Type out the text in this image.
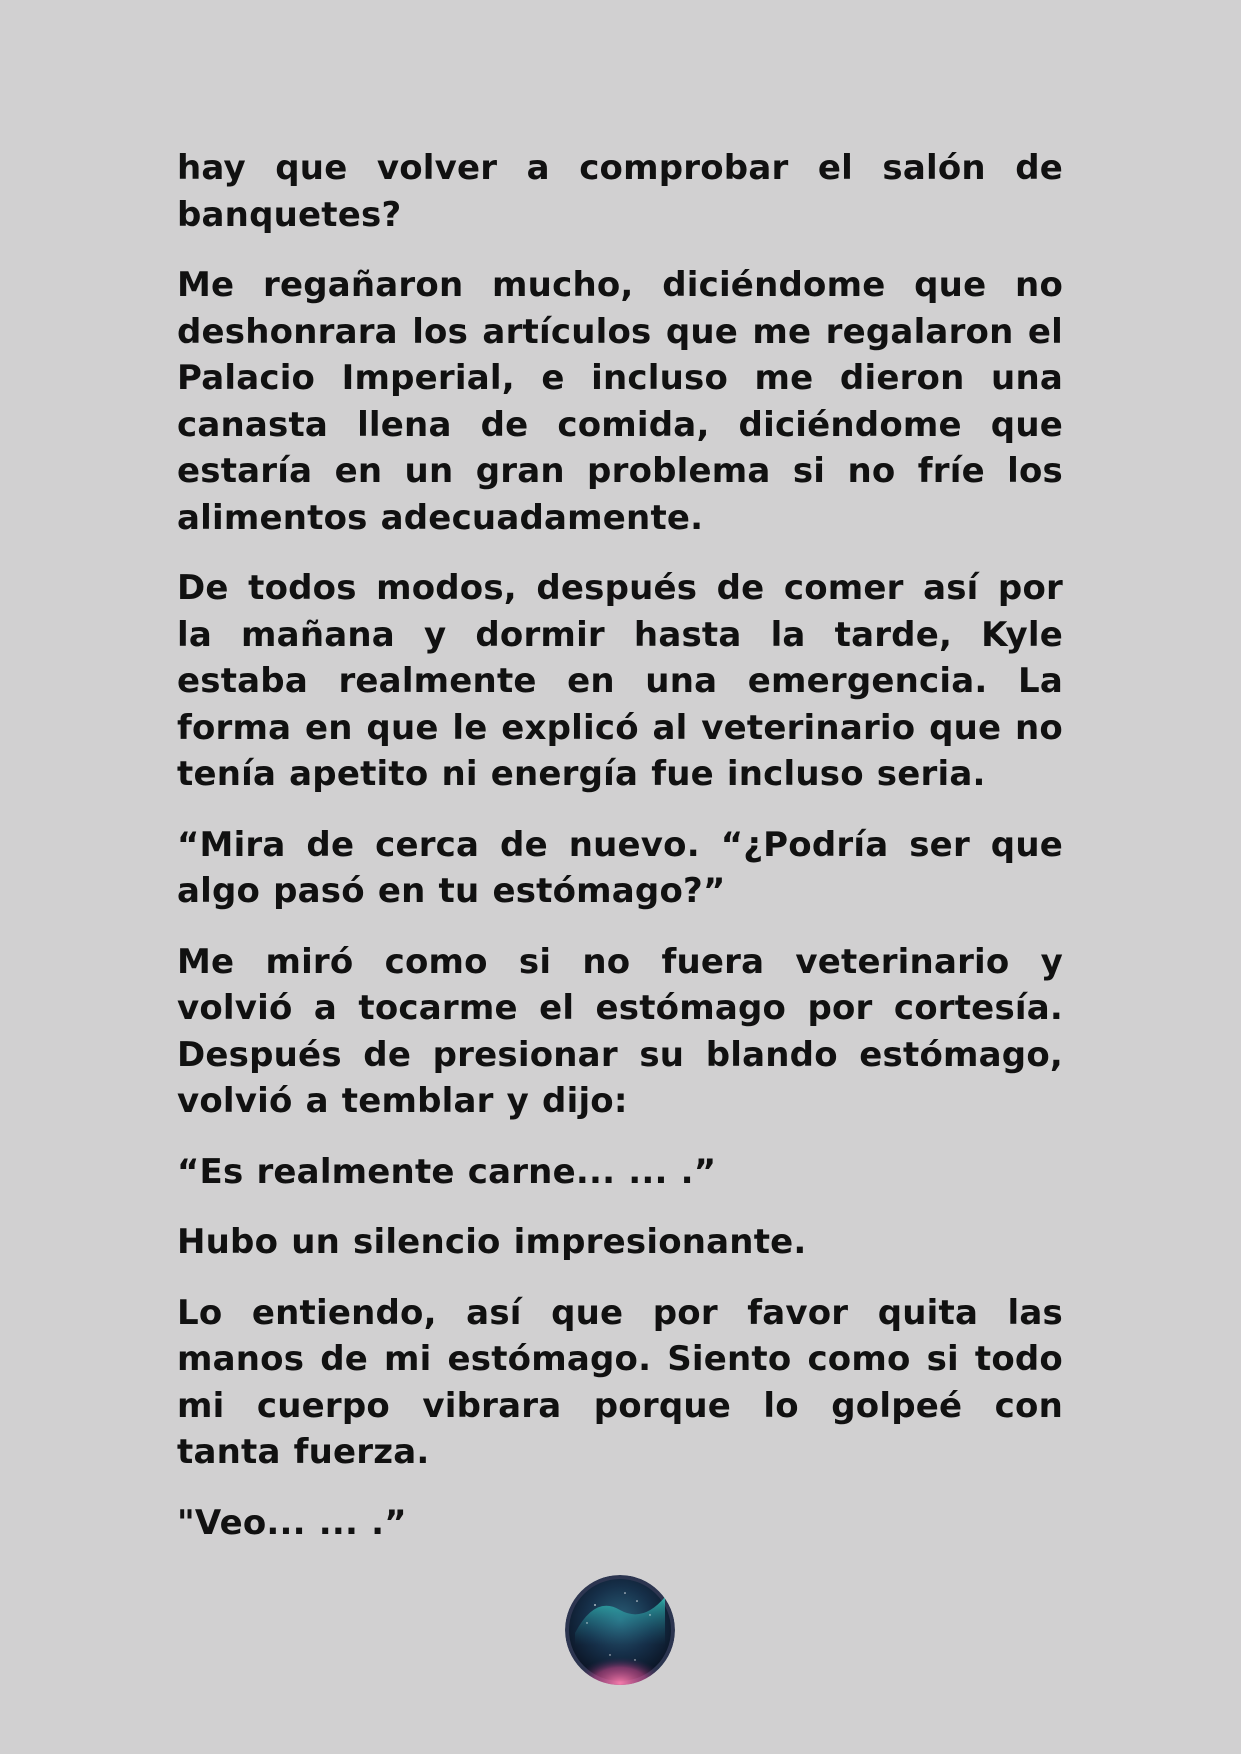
hay que volver a comprobar el salón de banquetes?

Me regañaron mucho, diciéndome que no deshonrara los artículos que me regalaron el Palacio Imperial, e incluso me dieron una canasta llena de comida, diciéndome que estaría en un gran problema si no fríe los alimentos adecuadamente.

De todos modos, después de comer así por la mañana y dormir hasta la tarde, Kyle estaba realmente en una emergencia. La forma en que le explicó al veterinario que no tenía apetito ni energía fue incluso seria.

“Mira de cerca de nuevo. “¿Podría ser que algo pasó en tu estómago?”

Me miró como si no fuera veterinario y volvió a tocarme el estómago por cortesía. Después de presionar su blando estómago, volvió a temblar y dijo:

“Es realmente carne... ... .”

Hubo un silencio impresionante.

Lo entiendo, así que por favor quita las manos de mi estómago. Siento como si todo mi cuerpo vibrara porque lo golpeé con tanta fuerza.

"Veo... ... .”
